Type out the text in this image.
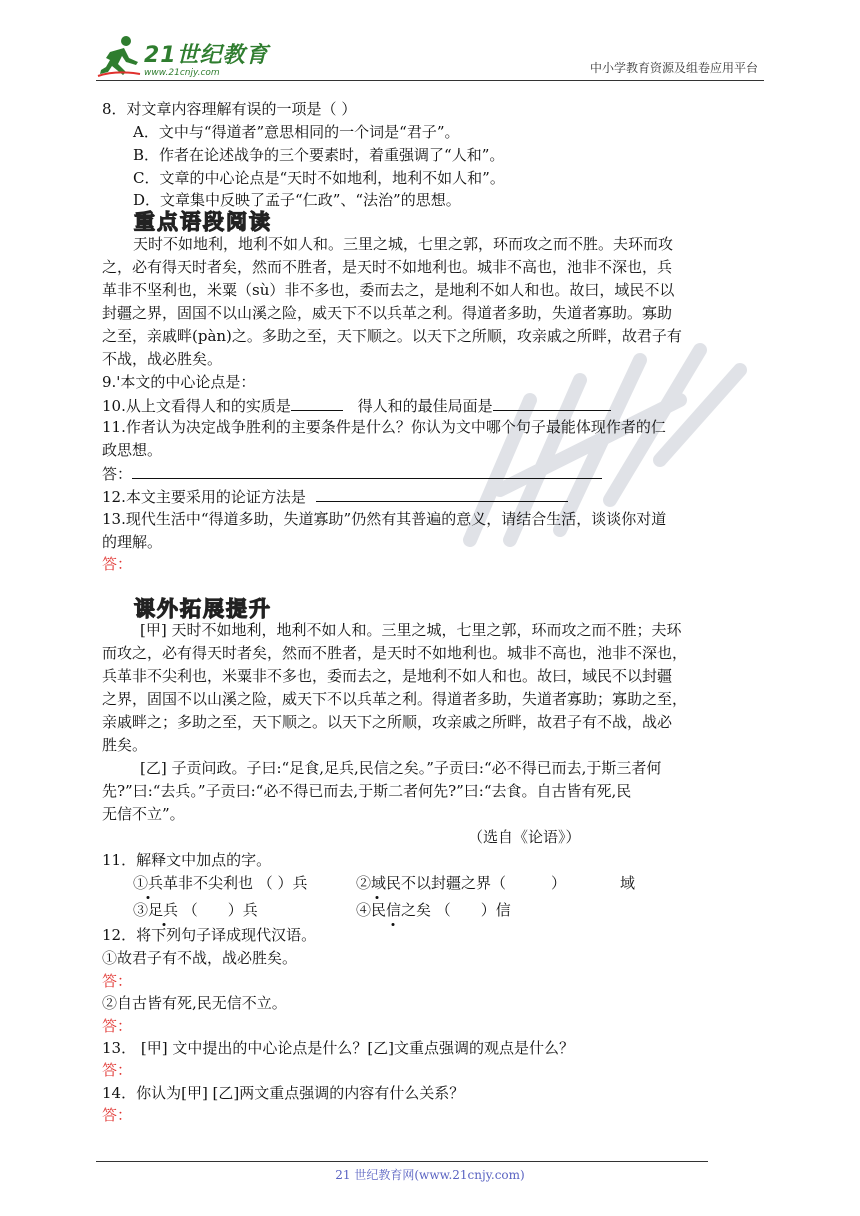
21世纪教育
www.21cnjy.com	中小学教育资源及组卷应用平台
8．对文章内容理解有误的一项是（ ）
A．文中与“得道者”意思相同的一个词是“君子”。
B．作者在论述战争的三个要素时，着重强调了“人和”。
C．文章的中心论点是“天时不如地利，地利不如人和”。
D．文章集中反映了孟子“仁政”、“法治”的思想。
重点语段阅读
天时不如地利，地利不如人和。三里之城，七里之郭，环而攻之而不胜。夫环而攻
之，必有得天时者矣，然而不胜者，是天时不如地利也。城非不高也，池非不深也，兵
革非不坚利也，米粟（sù）非不多也，委而去之，是地利不如人和也。故曰，域民不以
封疆之界，固国不以山溪之险，威天下不以兵革之利。得道者多助，失道者寡助。寡助
之至，亲戚畔(pàn)之。多助之至，天下顺之。以天下之所顺，攻亲戚之所畔，故君子有
不战，战必胜矣。
9.'本文的中心论点是：
10.从上文看得人和的实质是	得人和的最佳局面是
11.作者认为决定战争胜利的主要条件是什么？你认为文中哪个句子最能体现作者的仁
政思想。
答：
12.本文主要采用的论证方法是
13.现代生活中“得道多助，失道寡助”仍然有其普遍的意义，请结合生活，谈谈你对道
的理解。
答：
课外拓展提升
[甲] 天时不如地利，地利不如人和。三里之城，七里之郭，环而攻之而不胜；夫环
而攻之，必有得天时者矣，然而不胜者，是天时不如地利也。城非不高也，池非不深也，
兵革非不尖利也，米粟非不多也，委而去之，是地利不如人和也。故曰，域民不以封疆
之界，固国不以山溪之险，威天下不以兵革之利。得道者多助，失道者寡助；寡助之至，
亲戚畔之；多助之至，天下顺之。以天下之所顺，攻亲戚之所畔，故君子有不战，战必
胜矣。
[乙] 子贡问政。子曰:“足食,足兵,民信之矣。”子贡曰:“必不得已而去,于斯三者何
先?”曰:“去兵。”子贡曰:“必不得已而去,于斯二者何先?”曰:“去食。自古皆有死,民
无信不立”。
（选自《论语》）
11．解释文中加点的字。
①兵革非不尖利也 （ ）兵	②域民不以封疆之界（　　　）	域
③足兵 （　　）兵	④民信之矣 （　　）信
12．将下列句子译成现代汉语。
①故君子有不战，战必胜矣。
答：
②自古皆有死,民无信不立。
答：
13． [甲] 文中提出的中心论点是什么？[乙]文重点强调的观点是什么？
答：
14．你认为[甲] [乙]两文重点强调的内容有什么关系？
答：
21 世纪教育网(www.21cnjy.com)
